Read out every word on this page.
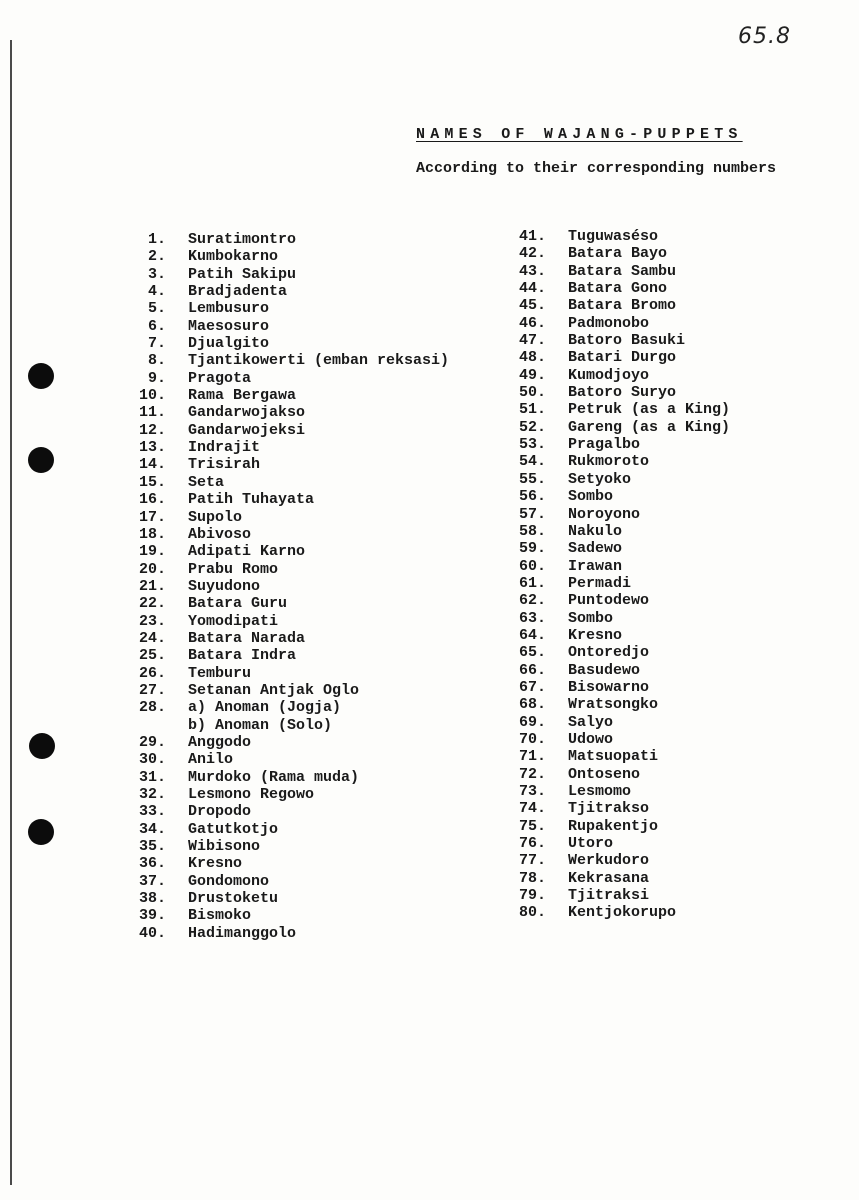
65.8
NAMES OF WAJANG-PUPPETS
According to their corresponding numbers
1. Suratimontro
2. Kumbokarno
3. Patih Sakipu
4. Bradjadenta
5. Lembusuro
6. Maesosuro
7. Djualgito
8. Tjantikowerti (emban reksasi)
9. Pragota
10. Rama Bergawa
11. Gandarwojakso
12. Gandarwojeksi
13. Indrajit
14. Trisirah
15. Seta
16. Patih Tuhayata
17. Supolo
18. Abivoso
19. Adipati Karno
20. Prabu Romo
21. Suyudono
22. Batara Guru
23. Yomodipati
24. Batara Narada
25. Batara Indra
26. Temburu
27. Setanan Antjak Oglo
28. a) Anoman (Jogja)
b) Anoman (Solo)
29. Anggodo
30. Anilo
31. Murdoko (Rama muda)
32. Lesmono Regowo
33. Dropodo
34. Gatutkotjo
35. Wibisono
36. Kresno
37. Gondomono
38. Drustoketu
39. Bismoko
40. Hadimanggolo
41. Tuguwaséso
42. Batara Bayo
43. Batara Sambu
44. Batara Gono
45. Batara Bromo
46. Padmonobo
47. Batoro Basuki
48. Batari Durgo
49. Kumodjoyo
50. Batoro Suryo
51. Petruk (as a King)
52. Gareng (as a King)
53. Pragalbo
54. Rukmoroto
55. Setyoko
56. Sombo
57. Noroyono
58. Nakulo
59. Sadewo
60. Irawan
61. Permadi
62. Puntodewo
63. Sombo
64. Kresno
65. Ontoredjo
66. Basudewo
67. Bisowarno
68. Wratsongko
69. Salyo
70. Udowo
71. Matsuopati
72. Ontoseno
73. Lesmomo
74. Tjitrakso
75. Rupakentjo
76. Utoro
77. Werkudoro
78. Kekrasana
79. Tjitraksi
80. Kentjokorupo
